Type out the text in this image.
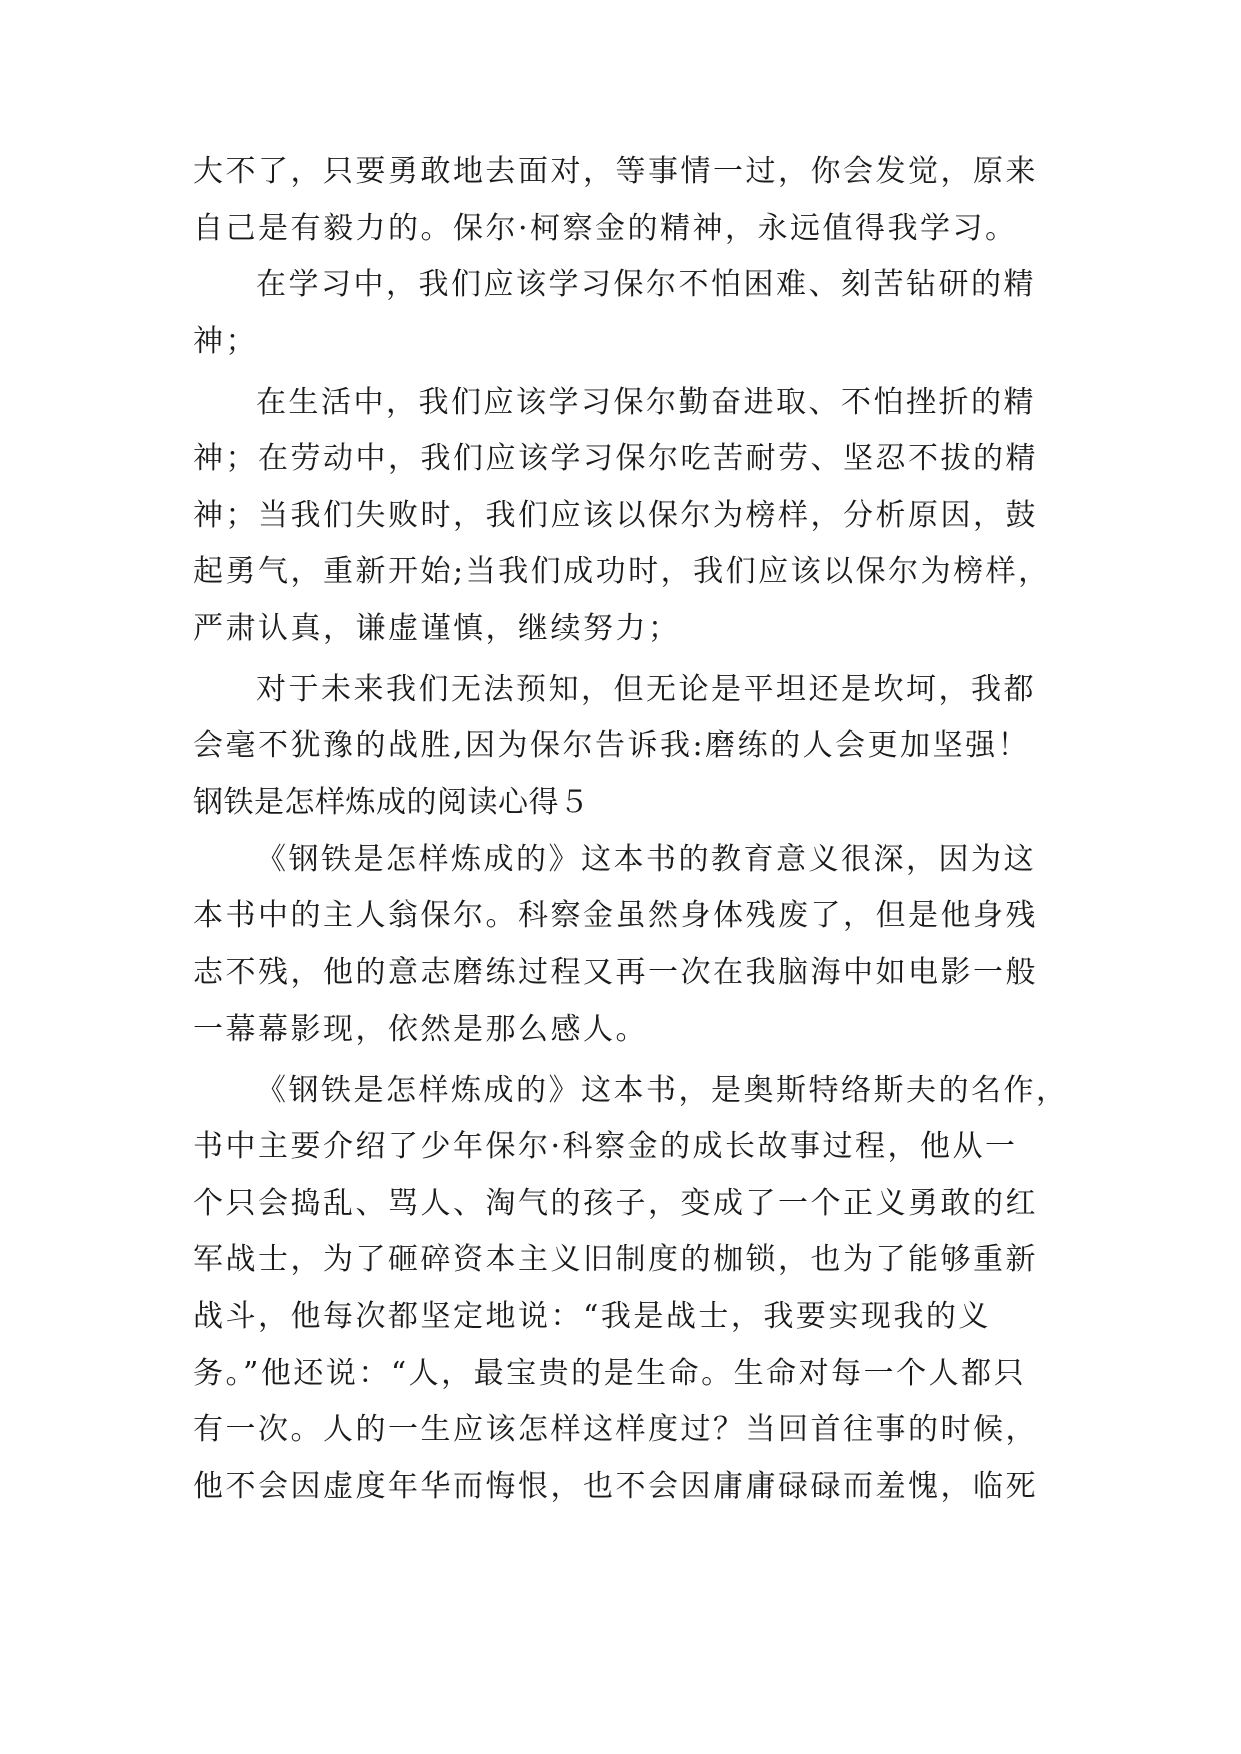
大不了，只要勇敢地去面对，等事情一过，你会发觉，原来
自己是有毅力的。保尔·柯察金的精神，永远值得我学习。
在学习中，我们应该学习保尔不怕困难、刻苦钻研的精
神；
在生活中，我们应该学习保尔勤奋进取、不怕挫折的精
神；在劳动中，我们应该学习保尔吃苦耐劳、坚忍不拔的精
神；当我们失败时，我们应该以保尔为榜样，分析原因，鼓
起勇气，重新开始;当我们成功时，我们应该以保尔为榜样，
严肃认真，谦虚谨慎，继续努力；
对于未来我们无法预知，但无论是平坦还是坎坷，我都
会毫不犹豫的战胜,因为保尔告诉我:磨练的人会更加坚强！
钢铁是怎样炼成的阅读心得５
《钢铁是怎样炼成的》这本书的教育意义很深，因为这
本书中的主人翁保尔。科察金虽然身体残废了，但是他身残
志不残，他的意志磨练过程又再一次在我脑海中如电影一般
一幕幕影现，依然是那么感人。
《钢铁是怎样炼成的》这本书，是奥斯特络斯夫的名作，
书中主要介绍了少年保尔·科察金的成长故事过程，他从一
个只会捣乱、骂人、淘气的孩子，变成了一个正义勇敢的红
军战士，为了砸碎资本主义旧制度的枷锁，也为了能够重新
战斗，他每次都坚定地说：“我是战士，我要实现我的义
务。”他还说：“人，最宝贵的是生命。生命对每一个人都只
有一次。人的一生应该怎样这样度过？当回首往事的时候，
他不会因虚度年华而悔恨，也不会因庸庸碌碌而羞愧，临死
